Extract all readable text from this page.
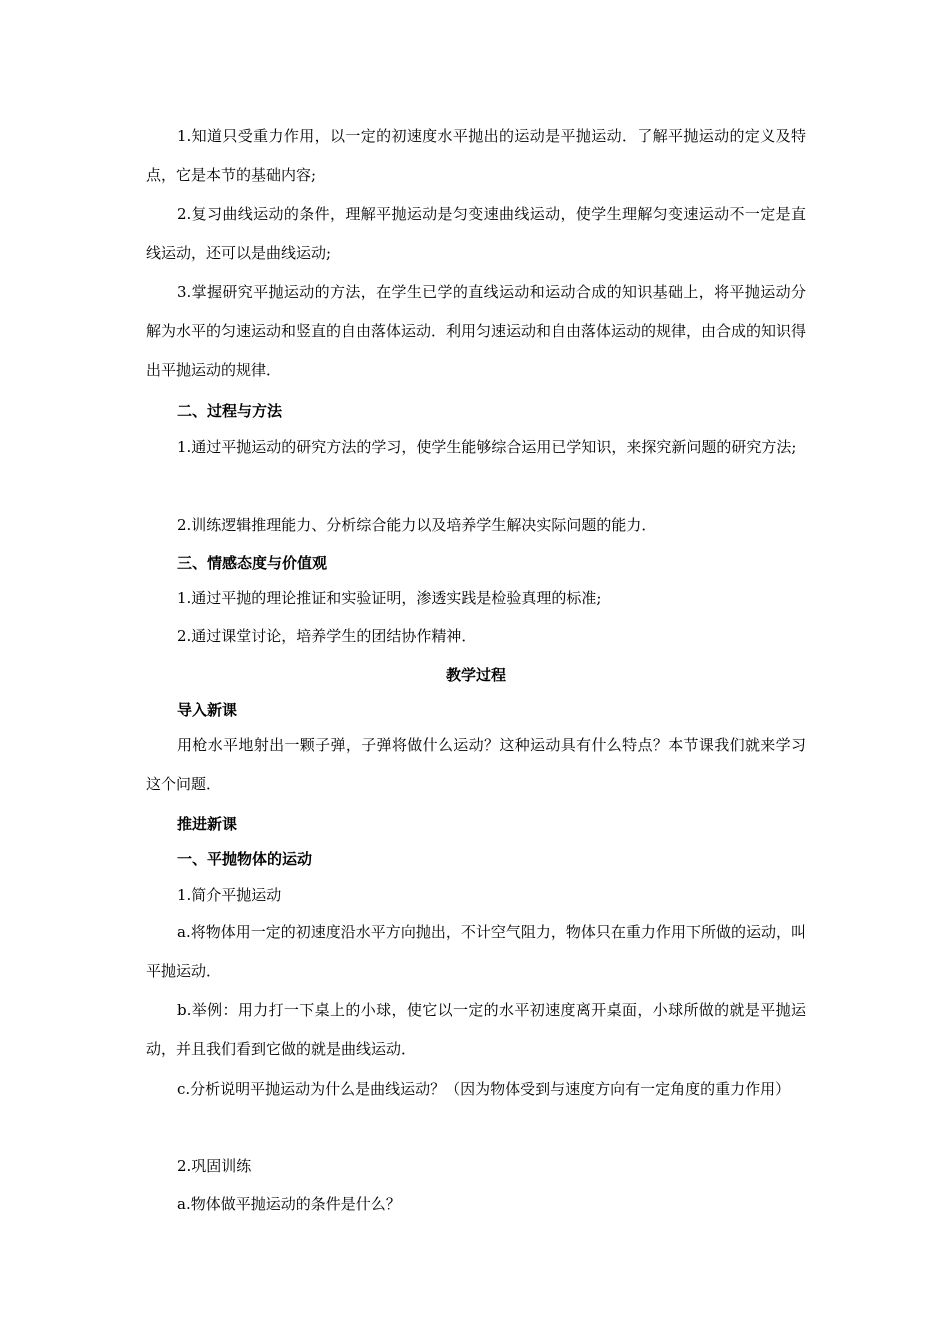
1.知道只受重力作用，以一定的初速度水平抛出的运动是平抛运动．了解平抛运动的定义及特点，它是本节的基础内容;

2.复习曲线运动的条件，理解平抛运动是匀变速曲线运动，使学生理解匀变速运动不一定是直线运动，还可以是曲线运动;

3.掌握研究平抛运动的方法，在学生已学的直线运动和运动合成的知识基础上，将平抛运动分解为水平的匀速运动和竖直的自由落体运动．利用匀速运动和自由落体运动的规律，由合成的知识得出平抛运动的规律．

二、过程与方法

1.通过平抛运动的研究方法的学习，使学生能够综合运用已学知识，来探究新问题的研究方法;

2.训练逻辑推理能力、分析综合能力以及培养学生解决实际问题的能力．

三、情感态度与价值观

1.通过平抛的理论推证和实验证明，渗透实践是检验真理的标准;

2.通过课堂讨论，培养学生的团结协作精神．

教学过程

导入新课

用枪水平地射出一颗子弹，子弹将做什么运动？这种运动具有什么特点？本节课我们就来学习这个问题．

推进新课

一、平抛物体的运动

1.简介平抛运动

a.将物体用一定的初速度沿水平方向抛出，不计空气阻力，物体只在重力作用下所做的运动，叫平抛运动．

b.举例：用力打一下桌上的小球，使它以一定的水平初速度离开桌面，小球所做的就是平抛运动，并且我们看到它做的就是曲线运动．

c.分析说明平抛运动为什么是曲线运动？（因为物体受到与速度方向有一定角度的重力作用）

2.巩固训练

a.物体做平抛运动的条件是什么？
